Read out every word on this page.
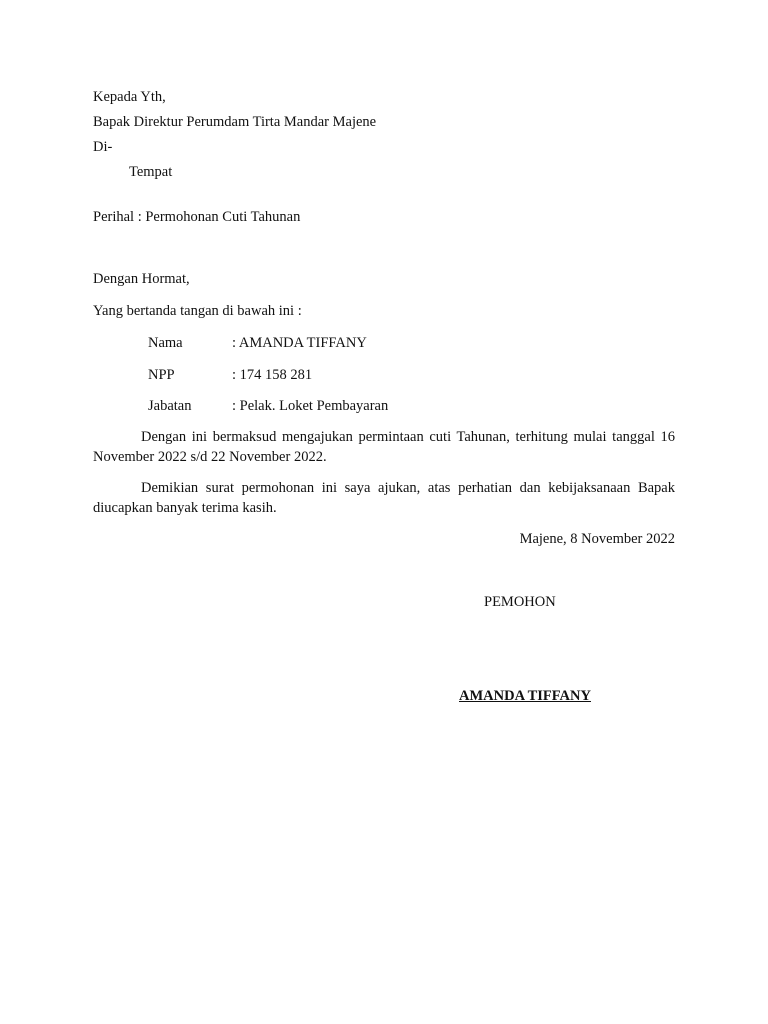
Kepada Yth,
Bapak Direktur Perumdam Tirta Mandar Majene
Di-
Tempat
Perihal : Permohonan Cuti Tahunan
Dengan Hormat,
Yang bertanda tangan di bawah ini :
Nama	: AMANDA TIFFANY
NPP	: 174 158 281
Jabatan	: Pelak. Loket Pembayaran
Dengan ini bermaksud mengajukan permintaan cuti Tahunan, terhitung mulai tanggal 16 November 2022 s/d 22 November 2022.
Demikian surat permohonan ini saya ajukan, atas perhatian dan kebijaksanaan Bapak diucapkan banyak terima kasih.
Majene, 8 November 2022
PEMOHON
AMANDA TIFFANY
